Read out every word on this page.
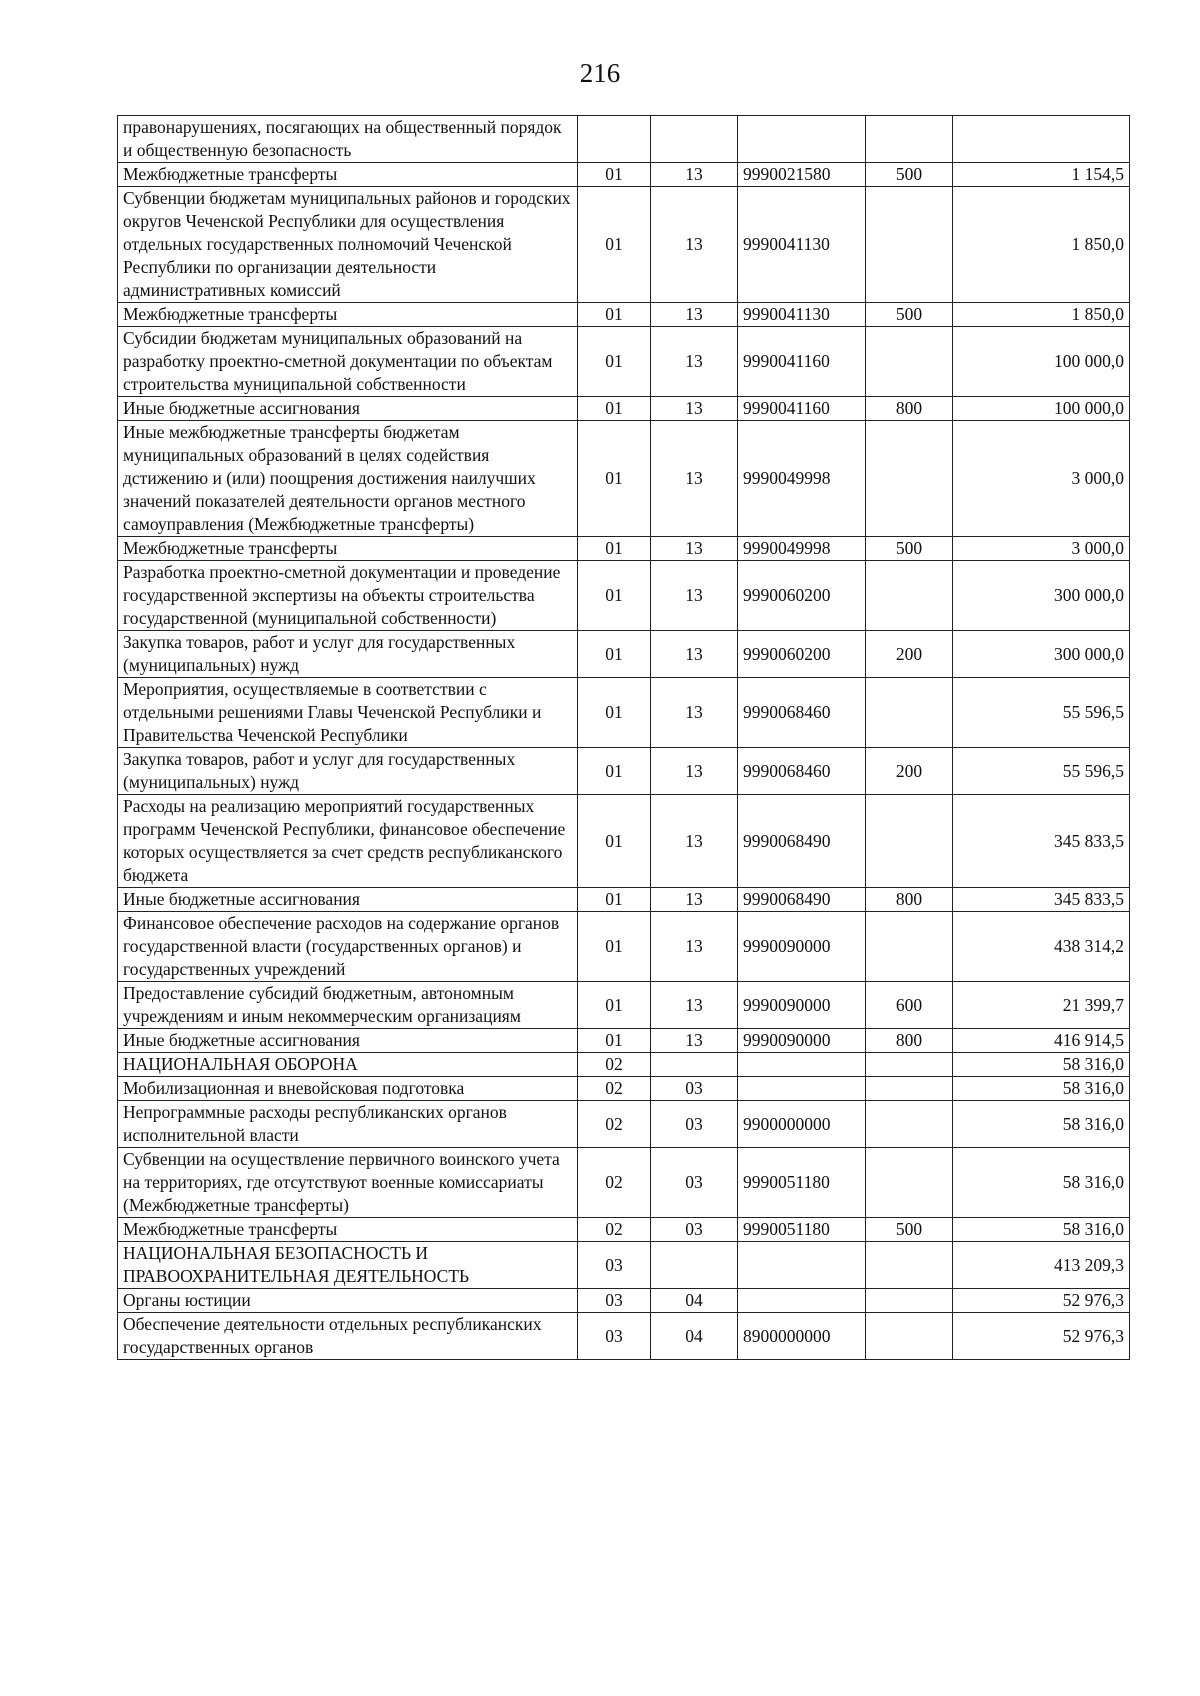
216
правонарушениях, посягающих на общественный порядок и общественную безопасность					
Межбюджетные трансферты	01	13	9990021580	500	1 154,5
Субвенции бюджетам муниципальных районов и городских округов Чеченской Республики для осуществления отдельных государственных полномочий Чеченской Республики по организации деятельности административных комиссий	01	13	9990041130		1 850,0
Межбюджетные трансферты	01	13	9990041130	500	1 850,0
Субсидии бюджетам муниципальных образований на разработку проектно-сметной документации по объектам строительства муниципальной собственности	01	13	9990041160		100 000,0
Иные бюджетные ассигнования	01	13	9990041160	800	100 000,0
Иные межбюджетные трансферты бюджетам муниципальных образований в целях содействия дстижению и (или) поощрения достижения наилучших значений показателей деятельности органов местного самоуправления (Межбюджетные трансферты)	01	13	9990049998		3 000,0
Межбюджетные трансферты	01	13	9990049998	500	3 000,0
Разработка проектно-сметной документации и проведение государственной экспертизы на объекты строительства государственной (муниципальной собственности)	01	13	9990060200		300 000,0
Закупка товаров, работ и услуг для государственных (муниципальных) нужд	01	13	9990060200	200	300 000,0
Мероприятия, осуществляемые в соответствии с отдельными решениями Главы Чеченской Республики и Правительства Чеченской Республики	01	13	9990068460		55 596,5
Закупка товаров, работ и услуг для государственных (муниципальных) нужд	01	13	9990068460	200	55 596,5
Расходы на реализацию мероприятий государственных программ Чеченской Республики, финансовое обеспечение которых осуществляется за счет средств республиканского бюджета	01	13	9990068490		345 833,5
Иные бюджетные ассигнования	01	13	9990068490	800	345 833,5
Финансовое обеспечение расходов на содержание органов государственной власти (государственных органов) и государственных учреждений	01	13	9990090000		438 314,2
Предоставление субсидий бюджетным, автономным учреждениям и иным некоммерческим организациям	01	13	9990090000	600	21 399,7
Иные бюджетные ассигнования	01	13	9990090000	800	416 914,5
НАЦИОНАЛЬНАЯ ОБОРОНА	02				58 316,0
Мобилизационная и вневойсковая подготовка	02	03			58 316,0
Непрограммные расходы республиканских органов исполнительной власти	02	03	9900000000		58 316,0
Субвенции на осуществление первичного воинского учета на территориях, где отсутствуют военные комиссариаты (Межбюджетные трансферты)	02	03	9990051180		58 316,0
Межбюджетные трансферты	02	03	9990051180	500	58 316,0
НАЦИОНАЛЬНАЯ БЕЗОПАСНОСТЬ И ПРАВООХРАНИТЕЛЬНАЯ ДЕЯТЕЛЬНОСТЬ	03				413 209,3
Органы юстиции	03	04			52 976,3
Обеспечение деятельности отдельных республиканских государственных органов	03	04	8900000000		52 976,3
